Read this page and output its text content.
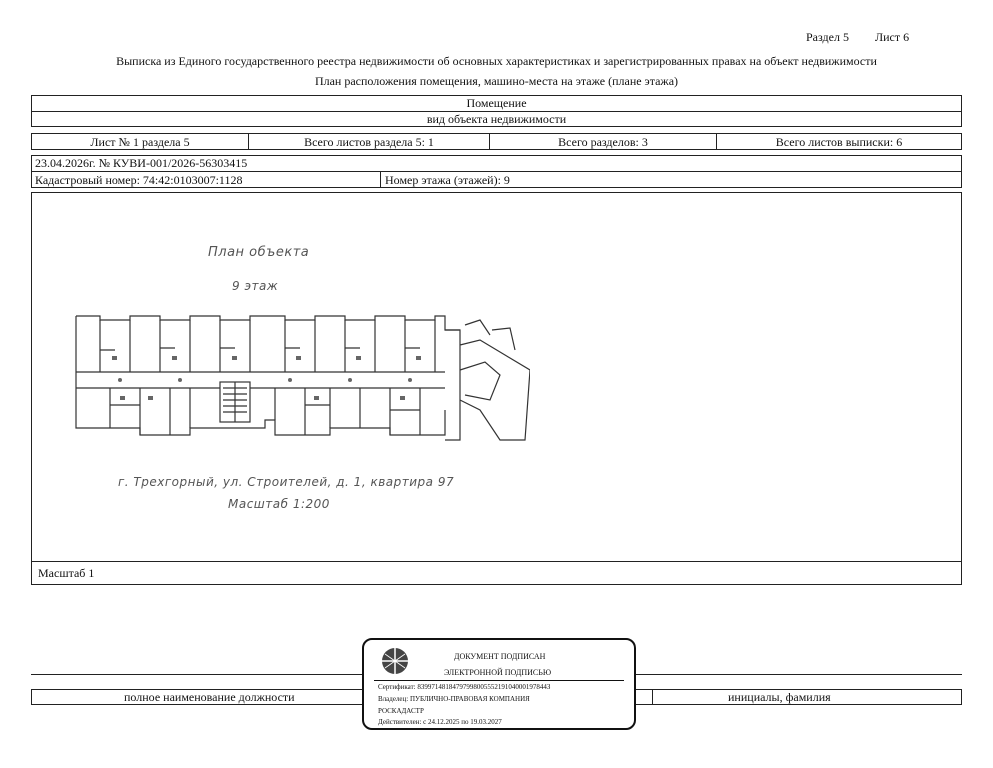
Раздел 5 Лист 6
Выписка из Единого государственного реестра недвижимости об основных характеристиках и зарегистрированных правах на объект недвижимости
План расположения помещения, машино-места на этаже (плане этажа)
Помещение
вид объекта недвижимости
Лист № 1 раздела 5	Всего листов раздела 5: 1	Всего разделов: 3	Всего листов выписки: 6
23.04.2026г. № КУВИ-001/2026-56303415
Кадастровый номер: 74:42:0103007:1128	Номер этажа (этажей): 9
Масштаб 1
План объекта
9 этаж
г. Трехгорный, ул. Строителей, д. 1, квартира 97
Масштаб 1:200
полное наименование должности	инициалы, фамилия
ДОКУМЕНТ ПОДПИСАН
ЭЛЕКТРОННОЙ ПОДПИСЬЮ
Сертификат: 8399714818479799800555219104000197844З
Владелец: ПУБЛИЧНО-ПРАВОВАЯ КОМПАНИЯ
РОСКАДАСТР
Действителен: с 24.12.2025 по 19.03.2027
